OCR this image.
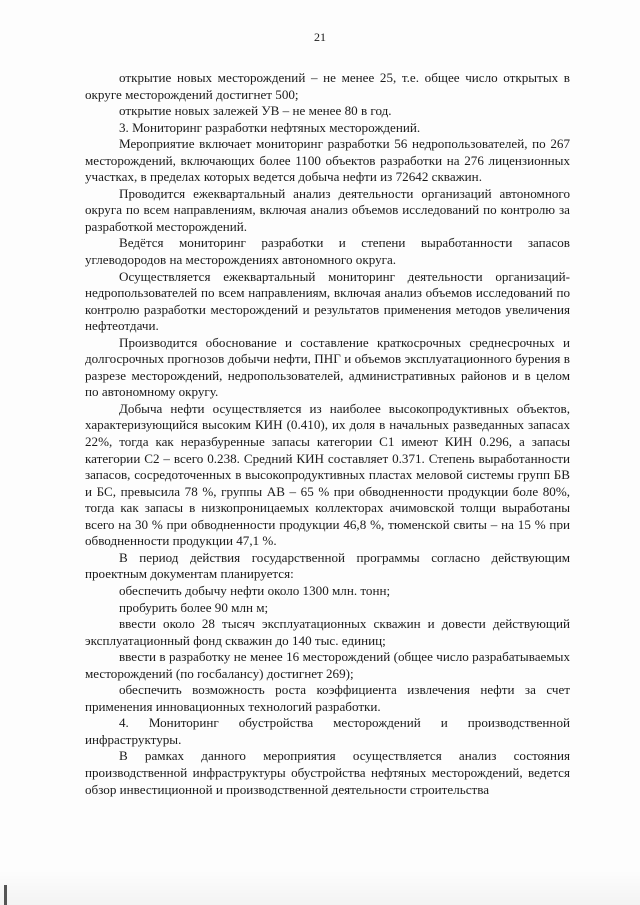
21

открытие новых месторождений – не менее 25, т.е. общее число открытых в округе месторождений достигнет 500;

открытие новых залежей УВ – не менее 80 в год.

3. Мониторинг разработки нефтяных месторождений.

Мероприятие включает мониторинг разработки 56 недропользователей, по 267 месторождений, включающих более 1100 объектов разработки на 276 лицензионных участках, в пределах которых ведется добыча нефти из 72642 скважин.

Проводится ежеквартальный анализ деятельности организаций автономного округа по всем направлениям, включая анализ объемов исследований по контролю за разработкой месторождений.

Ведётся мониторинг разработки и степени выработанности запасов углеводородов на месторождениях автономного округа.

Осуществляется ежеквартальный мониторинг деятельности организаций-недропользователей по всем направлениям, включая анализ объемов исследований по контролю разработки месторождений и результатов применения методов увеличения нефтеотдачи.

Производится обоснование и составление краткосрочных среднесрочных и долгосрочных прогнозов добычи нефти, ПНГ и объемов эксплуатационного бурения в разрезе месторождений, недропользователей, административных районов и в целом по автономному округу.

Добыча нефти осуществляется из наиболее высокопродуктивных объектов, характеризующийся высоким КИН (0.410), их доля в начальных разведанных запасах 22%, тогда как неразбуренные запасы категории С1 имеют КИН 0.296, а запасы категории С2 – всего 0.238. Средний КИН составляет 0.371. Степень выработанности запасов, сосредоточенных в высокопродуктивных пластах меловой системы групп БВ и БС, превысила 78 %, группы АВ – 65 % при обводненности продукции боле 80%, тогда как запасы в низкопроницаемых коллекторах ачимовской толщи выработаны всего на 30 % при обводненности продукции 46,8 %, тюменской свиты – на 15 % при обводненности продукции 47,1 %.

В период действия государственной программы согласно действующим проектным документам планируется:

обеспечить добычу нефти около 1300 млн. тонн;

пробурить более 90 млн м;

ввести около 28 тысяч эксплуатационных скважин и довести действующий эксплуатационный фонд скважин до 140 тыс. единиц;

ввести в разработку не менее 16 месторождений (общее число разрабатываемых месторождений (по госбалансу) достигнет 269);

обеспечить возможность роста коэффициента извлечения нефти за счет применения инновационных технологий разработки.

4. Мониторинг обустройства месторождений и производственной инфраструктуры.

В рамках данного мероприятия осуществляется анализ состояния производственной инфраструктуры обустройства нефтяных месторождений, ведется обзор инвестиционной и производственной деятельности строительства
